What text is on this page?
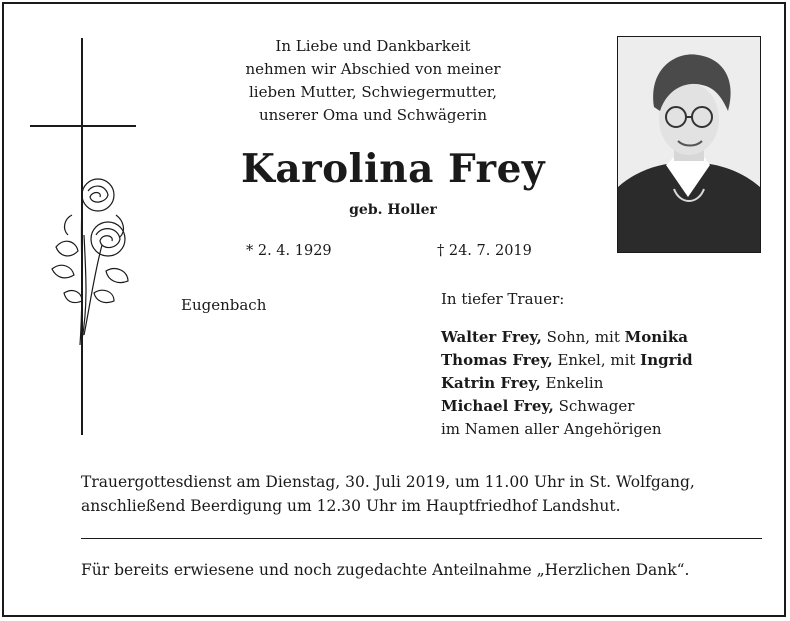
In Liebe und Dankbarkeit
nehmen wir Abschied von meiner
lieben Mutter, Schwiegermutter,
unserer Oma und Schwägerin
Karolina Frey
geb. Holler
* 2. 4. 1929	† 24. 7. 2019
Eugenbach	In tiefer Trauer:
Walter Frey, Sohn, mit Monika
Thomas Frey, Enkel, mit Ingrid
Katrin Frey, Enkelin
Michael Frey, Schwager
im Namen aller Angehörigen
Trauergottesdienst am Dienstag, 30. Juli 2019, um 11.00 Uhr in St. Wolfgang,
anschließend Beerdigung um 12.30 Uhr im Hauptfriedhof Landshut.
Für bereits erwiesene und noch zugedachte Anteilnahme „Herzlichen Dank“.
